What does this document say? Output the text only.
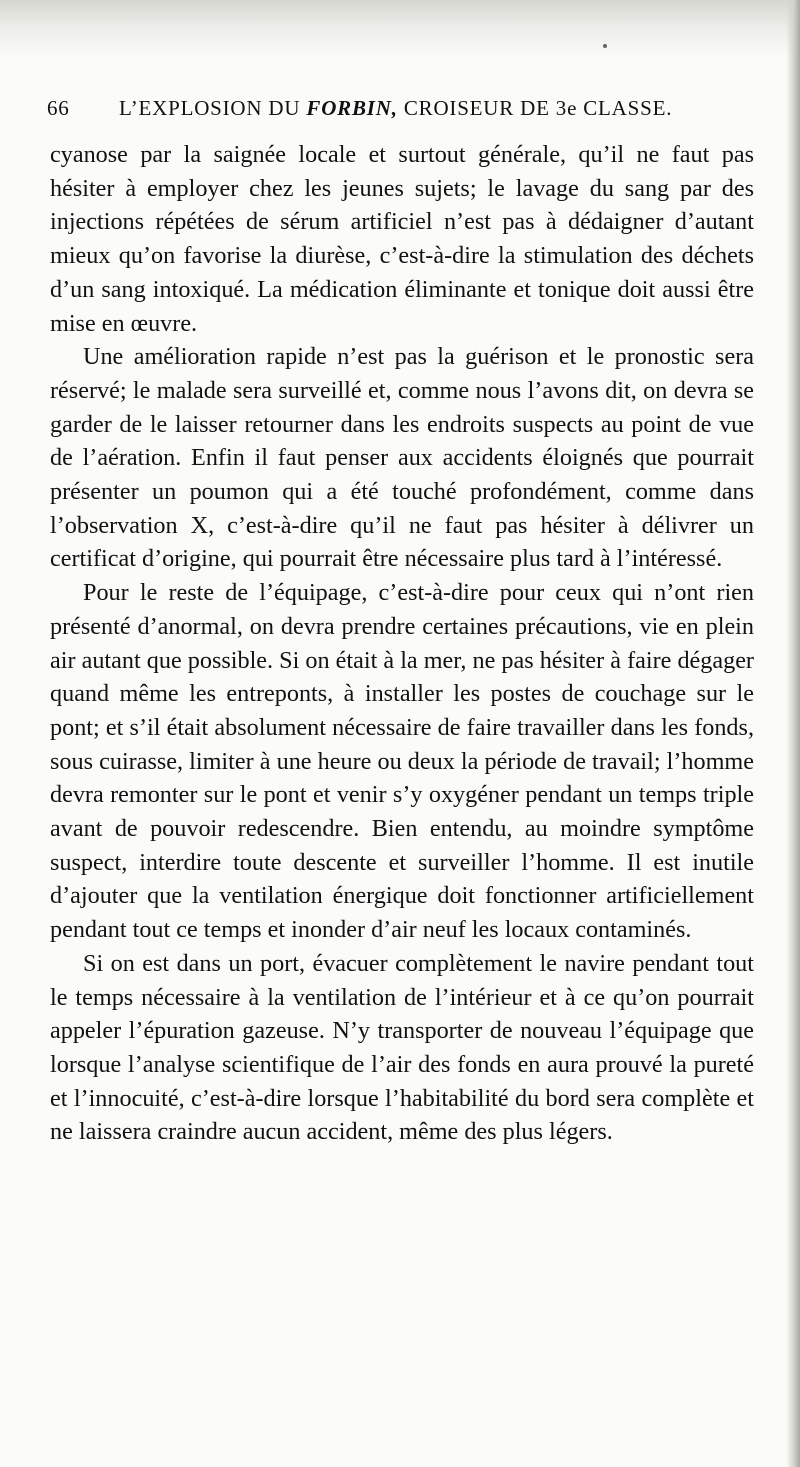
66 L’EXPLOSION DU FORBIN, CROISEUR DE 3e CLASSE.

cyanose par la saignée locale et surtout générale, qu’il ne faut pas hésiter à employer chez les jeunes sujets; le lavage du sang par des injections répétées de sérum artificiel n’est pas à dédaigner d’autant mieux qu’on favorise la diurèse, c’est-à-dire la stimulation des déchets d’un sang intoxiqué. La médication éliminante et tonique doit aussi être mise en œuvre.

Une amélioration rapide n’est pas la guérison et le pronostic sera réservé; le malade sera surveillé et, comme nous l’avons dit, on devra se garder de le laisser retourner dans les endroits suspects au point de vue de l’aération. Enfin il faut penser aux accidents éloignés que pourrait présenter un poumon qui a été touché profondément, comme dans l’observation X, c’est-à-dire qu’il ne faut pas hésiter à délivrer un certificat d’origine, qui pourrait être nécessaire plus tard à l’intéressé.

Pour le reste de l’équipage, c’est-à-dire pour ceux qui n’ont rien présenté d’anormal, on devra prendre certaines précautions, vie en plein air autant que possible. Si on était à la mer, ne pas hésiter à faire dégager quand même les entreponts, à installer les postes de couchage sur le pont; et s’il était absolument nécessaire de faire travailler dans les fonds, sous cuirasse, limiter à une heure ou deux la période de travail; l’homme devra remonter sur le pont et venir s’y oxygéner pendant un temps triple avant de pouvoir redescendre. Bien entendu, au moindre symptôme suspect, interdire toute descente et surveiller l’homme. Il est inutile d’ajouter que la ventilation énergique doit fonctionner artificiellement pendant tout ce temps et inonder d’air neuf les locaux contaminés.

Si on est dans un port, évacuer complètement le navire pendant tout le temps nécessaire à la ventilation de l’intérieur et à ce qu’on pourrait appeler l’épuration gazeuse. N’y transporter de nouveau l’équipage que lorsque l’analyse scientifique de l’air des fonds en aura prouvé la pureté et l’innocuité, c’est-à-dire lorsque l’habitabilité du bord sera complète et ne laissera craindre aucun accident, même des plus légers.
